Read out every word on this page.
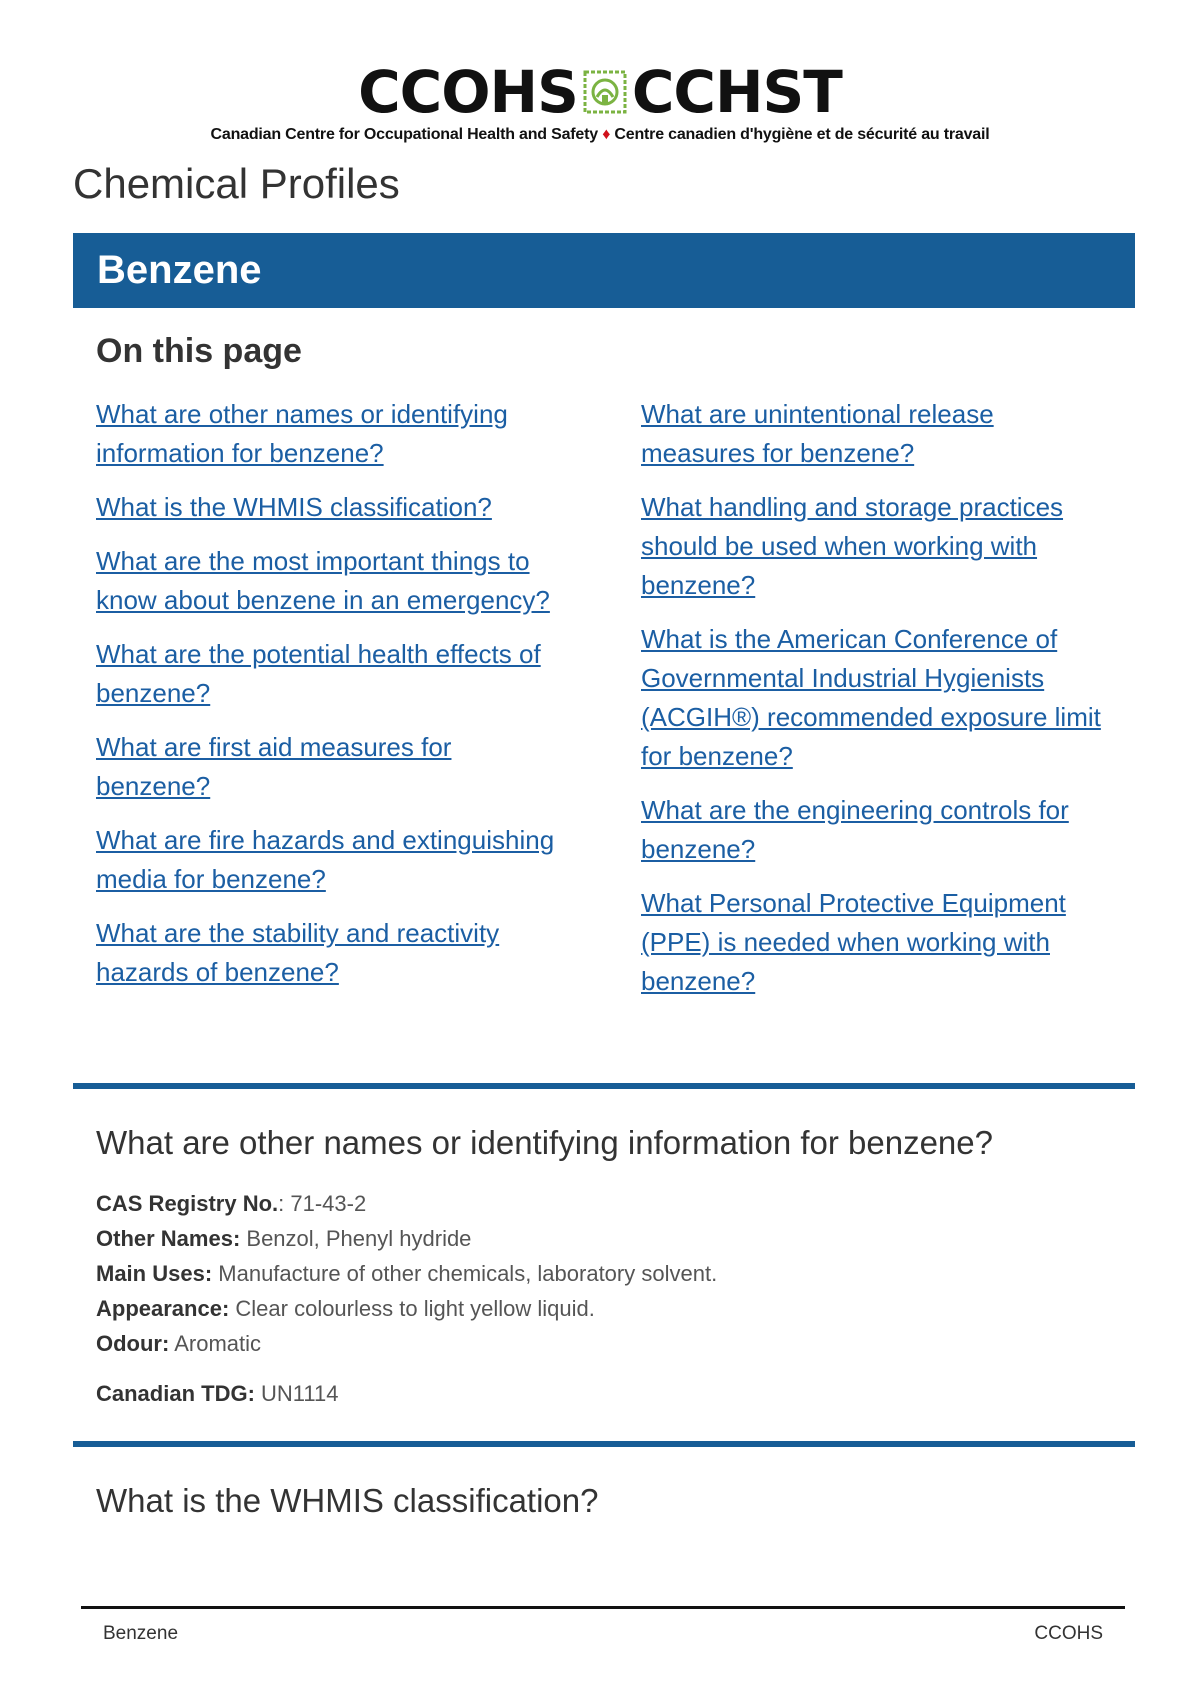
CCOHS CCHST
Canadian Centre for Occupational Health and Safety ♦ Centre canadien d'hygiène et de sécurité au travail
Chemical Profiles
Benzene
On this page
What are other names or identifying information for benzene?
What is the WHMIS classification?
What are the most important things to know about benzene in an emergency?
What are the potential health effects of benzene?
What are first aid measures for benzene?
What are fire hazards and extinguishing media for benzene?
What are the stability and reactivity hazards of benzene?
What are unintentional release measures for benzene?
What handling and storage practices should be used when working with benzene?
What is the American Conference of Governmental Industrial Hygienists (ACGIH®) recommended exposure limit for benzene?
What are the engineering controls for benzene?
What Personal Protective Equipment (PPE) is needed when working with benzene?
What are other names or identifying information for benzene?
CAS Registry No.: 71-43-2
Other Names: Benzol, Phenyl hydride
Main Uses: Manufacture of other chemicals, laboratory solvent.
Appearance: Clear colourless to light yellow liquid.
Odour: Aromatic
Canadian TDG: UN1114
What is the WHMIS classification?
Benzene	CCOHS
